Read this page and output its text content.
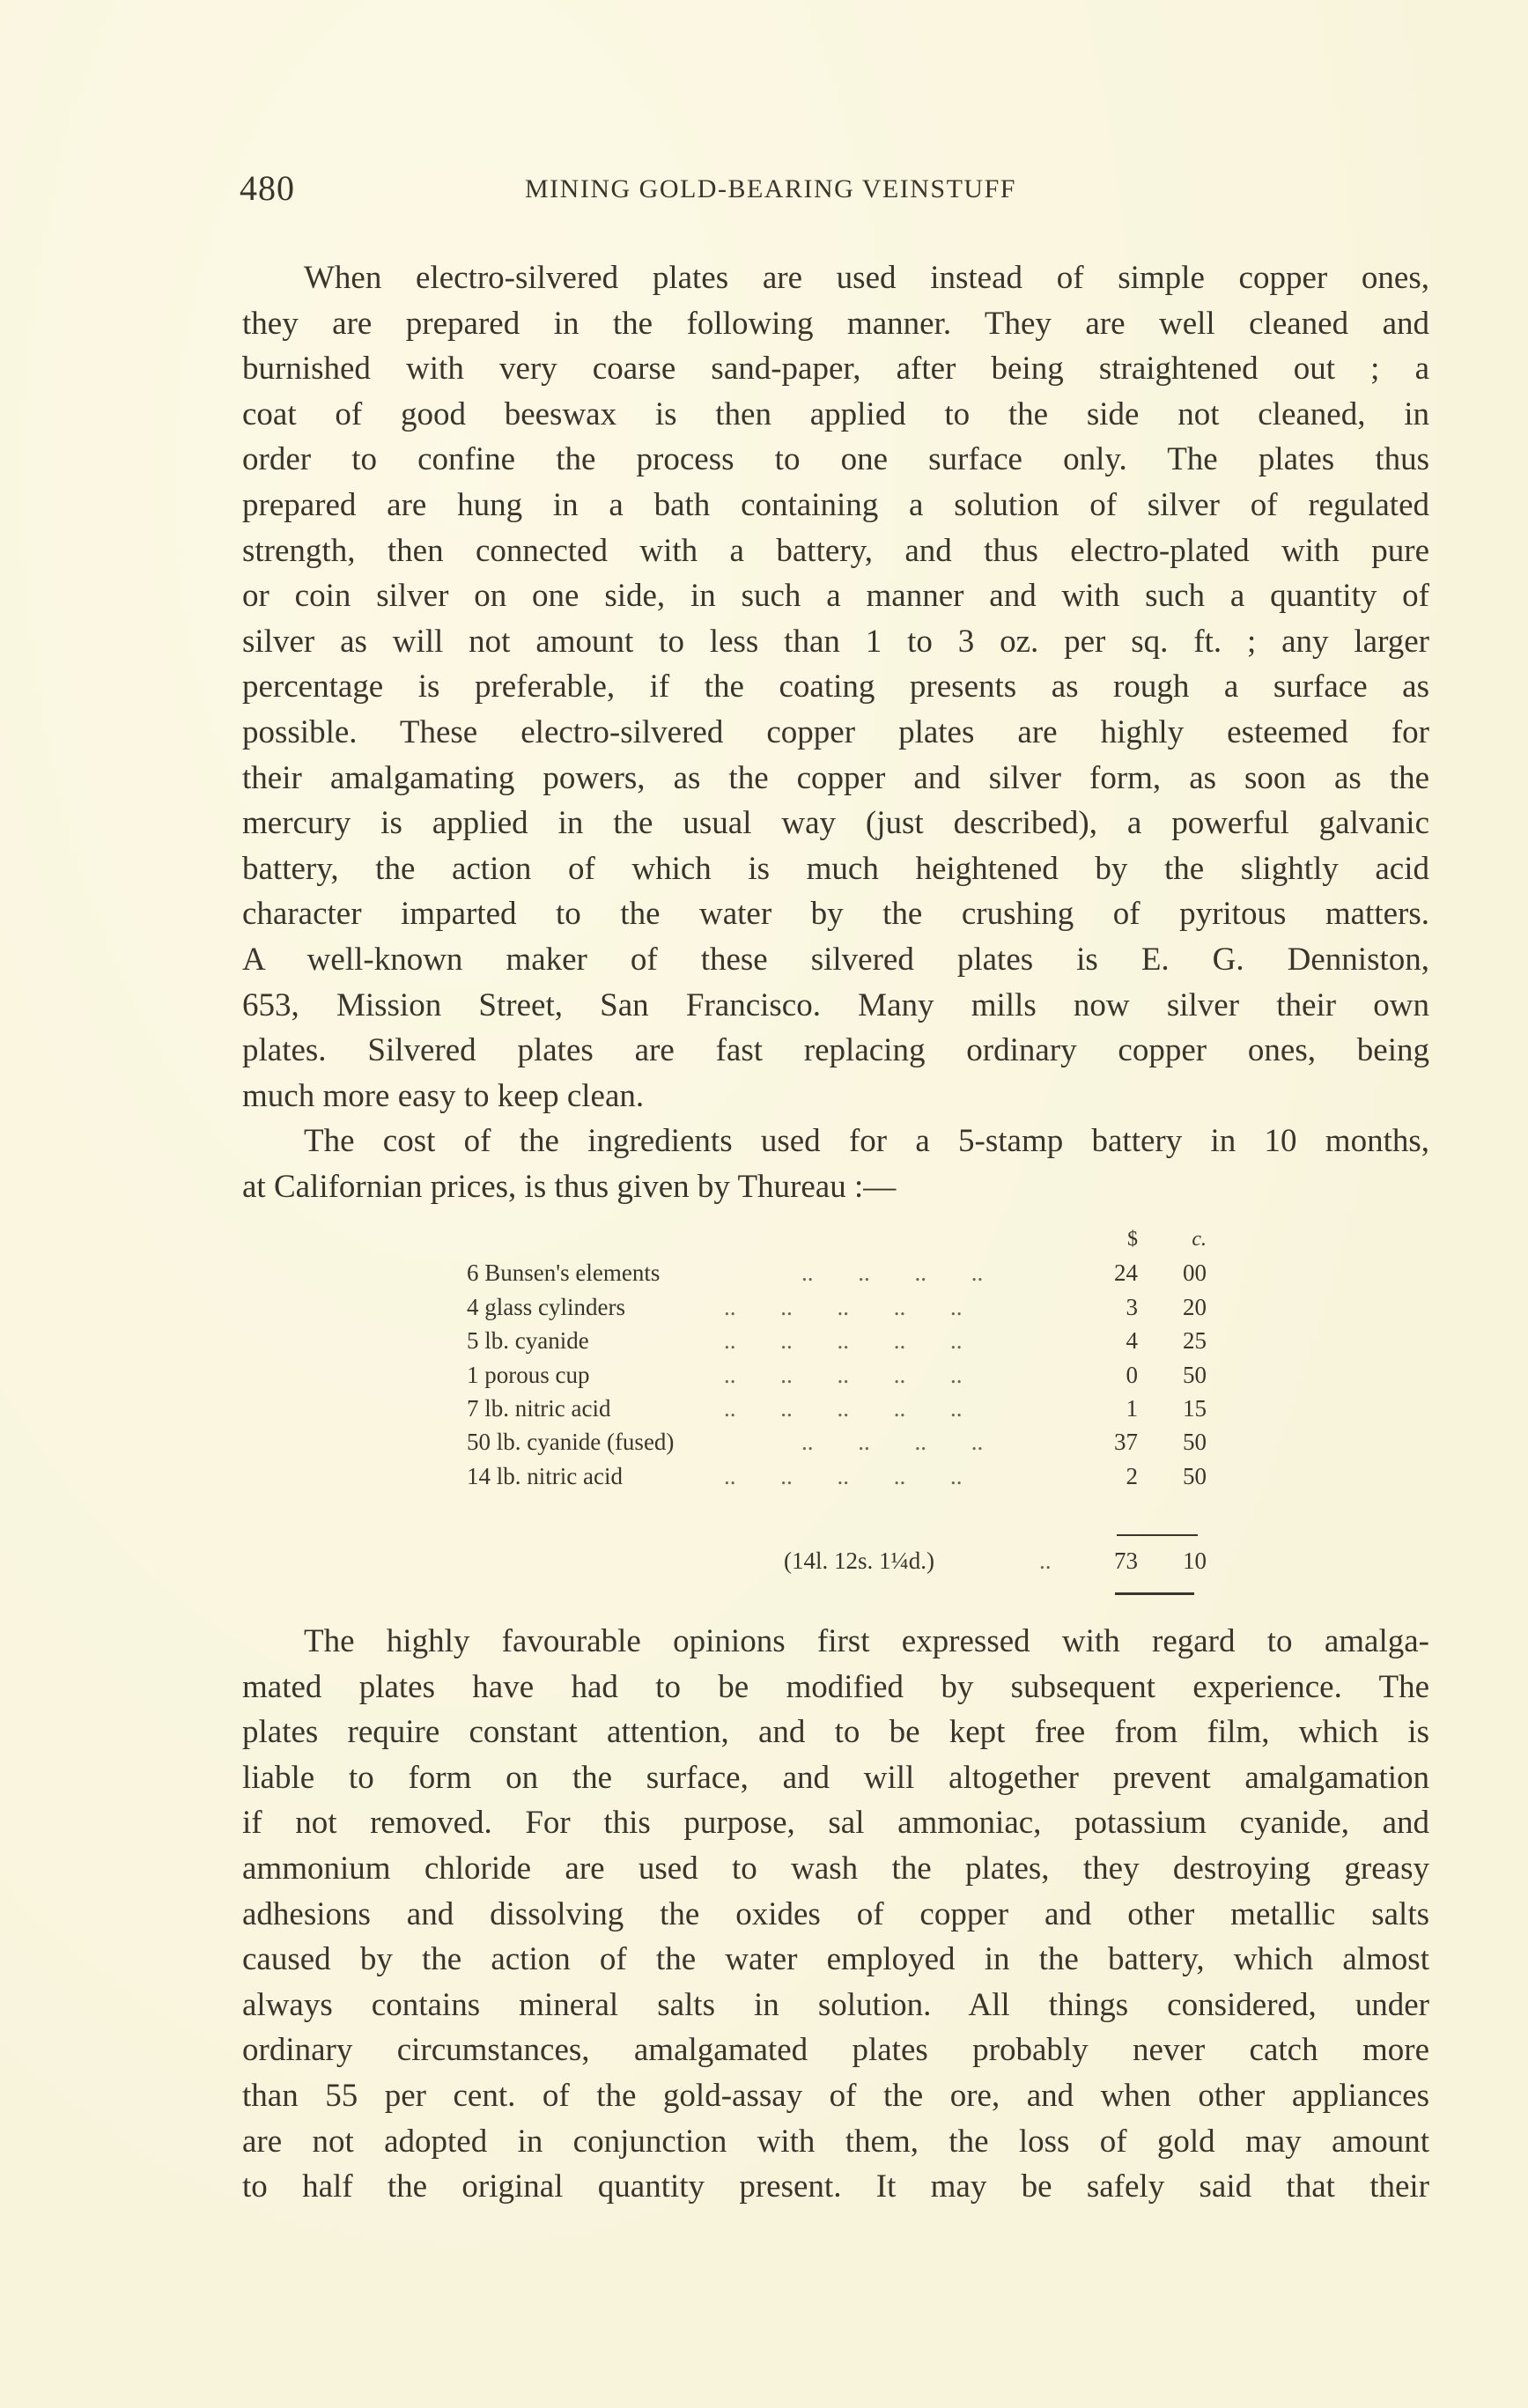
480	MINING GOLD-BEARING VEINSTUFF

When electro-silvered plates are used instead of simple copper ones,
they are prepared in the following manner. They are well cleaned and
burnished with very coarse sand-paper, after being straightened out ; a
coat of good beeswax is then applied to the side not cleaned, in
order to confine the process to one surface only. The plates thus
prepared are hung in a bath containing a solution of silver of regulated
strength, then connected with a battery, and thus electro-plated with pure
or coin silver on one side, in such a manner and with such a quantity of
silver as will not amount to less than 1 to 3 oz. per sq. ft. ; any larger
percentage is preferable, if the coating presents as rough a surface as
possible. These electro-silvered copper plates are highly esteemed for
their amalgamating powers, as the copper and silver form, as soon as the
mercury is applied in the usual way (just described), a powerful galvanic
battery, the action of which is much heightened by the slightly acid
character imparted to the water by the crushing of pyritous matters.
A well-known maker of these silvered plates is E. G. Denniston,
653, Mission Street, San Francisco. Many mills now silver their own
plates. Silvered plates are fast replacing ordinary copper ones, being
much more easy to keep clean.

The cost of the ingredients used for a 5-stamp battery in 10 months,
at Californian prices, is thus given by Thureau :—

$	c.
6 Bunsen's elements	.. .. .. ..	24	00
4 glass cylinders	.. .. .. .. ..	3	20
5 lb. cyanide	.. .. .. .. ..	4	25
1 porous cup	.. .. .. .. ..	0	50
7 lb. nitric acid	.. .. .. .. ..	1	15
50 lb. cyanide (fused)	.. .. .. ..	37	50
14 lb. nitric acid	.. .. .. .. ..	2	50
(14l. 12s. 1¼d.)	..	73	10

The highly favourable opinions first expressed with regard to amalga-
mated plates have had to be modified by subsequent experience. The
plates require constant attention, and to be kept free from film, which is
liable to form on the surface, and will altogether prevent amalgamation
if not removed. For this purpose, sal ammoniac, potassium cyanide, and
ammonium chloride are used to wash the plates, they destroying greasy
adhesions and dissolving the oxides of copper and other metallic salts
caused by the action of the water employed in the battery, which almost
always contains mineral salts in solution. All things considered, under
ordinary circumstances, amalgamated plates probably never catch more
than 55 per cent. of the gold-assay of the ore, and when other appliances
are not adopted in conjunction with them, the loss of gold may amount
to half the original quantity present. It may be safely said that their
